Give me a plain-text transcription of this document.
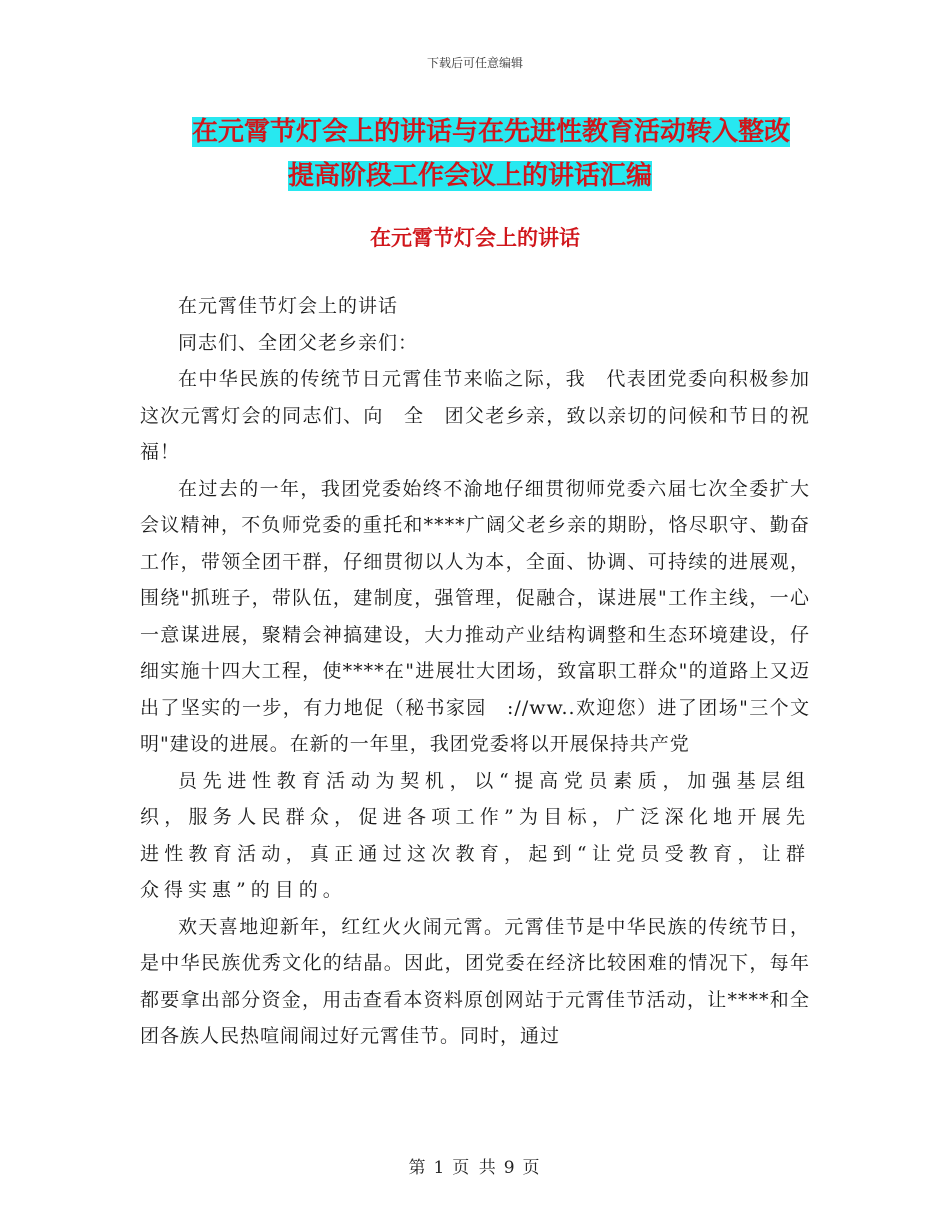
下载后可任意编辑
在元霄节灯会上的讲话与在先进性教育活动转入整改
提高阶段工作会议上的讲话汇编
在元霄节灯会上的讲话

在元霄佳节灯会上的讲话

同志们、全团父老乡亲们：

在中华民族的传统节日元霄佳节来临之际，我　代表团党委向积极参加这次元霄灯会的同志们、向　全　团父老乡亲，致以亲切的问候和节日的祝福！

在过去的一年，我团党委始终不渝地仔细贯彻师党委六届七次全委扩大会议精神，不负师党委的重托和****广阔父老乡亲的期盼，恪尽职守、勤奋工作，带领全团干群，仔细贯彻以人为本，全面、协调、可持续的进展观，围绕"抓班子，带队伍，建制度，强管理，促融合，谋进展"工作主线，一心一意谋进展，聚精会神搞建设，大力推动产业结构调整和生态环境建设，仔细实施十四大工程，使****在"进展壮大团场，致富职工群众"的道路上又迈出了坚实的一步，有力地促（秘书家园　://ww..欢迎您）进了团场"三个文明"建设的进展。在新的一年里，我团党委将以开展保持共产党

员先进性教育活动为契机，以“提高党员素质，加强基层组织，服务人民群众，促进各项工作”为目标，广泛深化地开展先进性教育活动，真正通过这次教育，起到“让党员受教育，让群众得实惠”的目的。

欢天喜地迎新年，红红火火闹元霄。元霄佳节是中华民族的传统节日，是中华民族优秀文化的结晶。因此，团党委在经济比较困难的情况下，每年都要拿出部分资金，用击查看本资料原创网站于元霄佳节活动，让****和全团各族人民热喧闹闹过好元霄佳节。同时，通过

第 1 页 共 9 页
